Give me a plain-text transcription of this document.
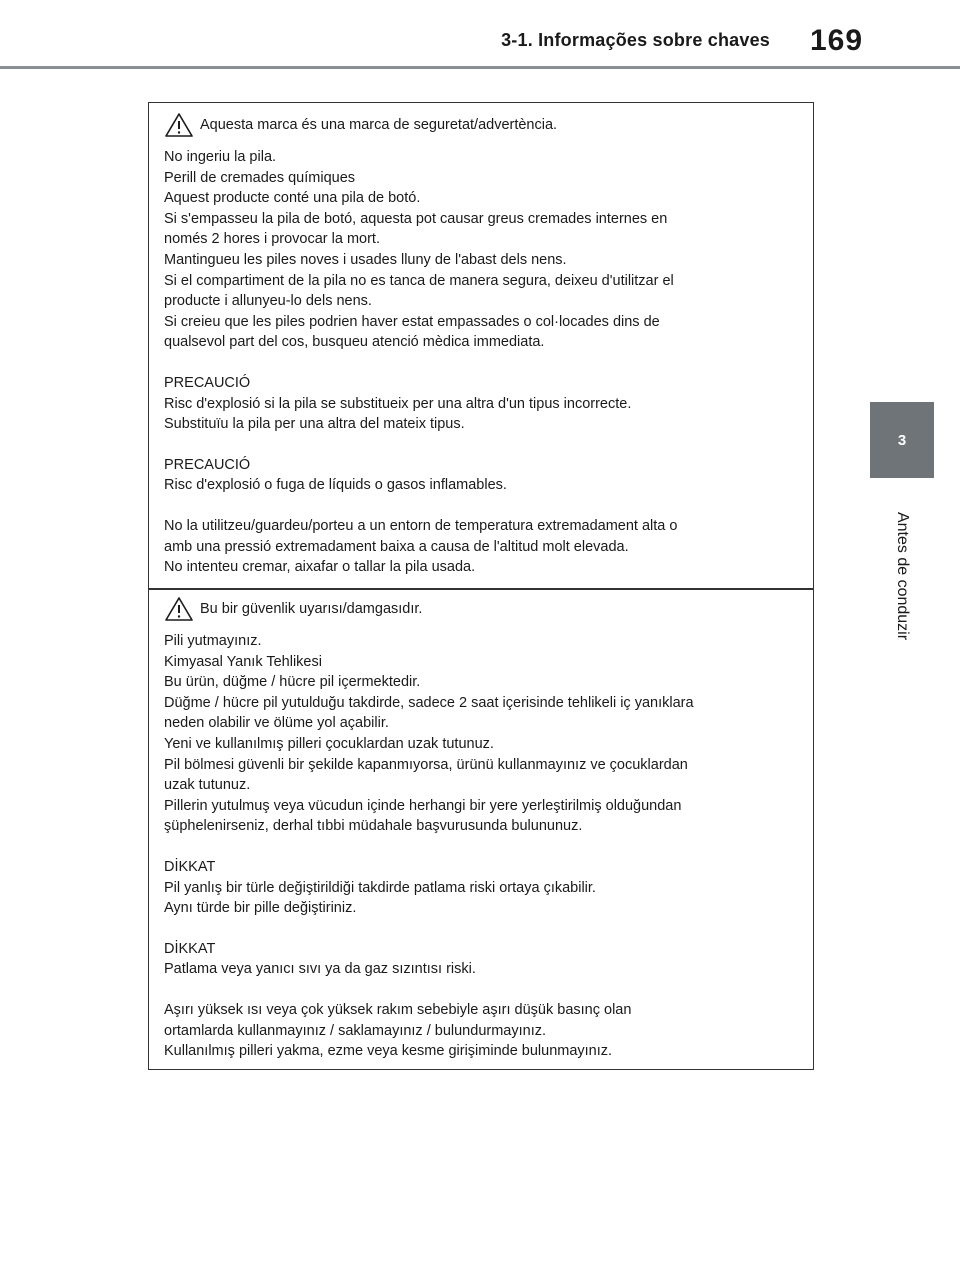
3-1. Informações sobre chaves 169
3
Antes de conduzir
Aquesta marca és una marca de seguretat/advertència.

No ingeriu la pila.

Perill de cremades químiques

Aquest producte conté una pila de botó.

Si s'empasseu la pila de botó, aquesta pot causar greus cremades internes en

només 2 hores i provocar la mort.

Mantingueu les piles noves i usades lluny de l'abast dels nens.

Si el compartiment de la pila no es tanca de manera segura, deixeu d'utilitzar el

producte i allunyeu-lo dels nens.

Si creieu que les piles podrien haver estat empassades o col·locades dins de

qualsevol part del cos, busqueu atenció mèdica immediata.

PRECAUCIÓ

Risc d'explosió si la pila se substitueix per una altra d'un tipus incorrecte.

Substituïu la pila per una altra del mateix tipus.

PRECAUCIÓ

Risc d'explosió o fuga de líquids o gasos inflamables.

No la utilitzeu/guardeu/porteu a un entorn de temperatura extremadament alta o

amb una pressió extremadament baixa a causa de l'altitud molt elevada.

No intenteu cremar, aixafar o tallar la pila usada.

Bu bir güvenlik uyarısı/damgasıdır.

Pili yutmayınız.

Kimyasal Yanık Tehlikesi

Bu ürün, düğme / hücre pil içermektedir.

Düğme / hücre pil yutulduğu takdirde, sadece 2 saat içerisinde tehlikeli iç yanıklara

neden olabilir ve ölüme yol açabilir.

Yeni ve kullanılmış pilleri çocuklardan uzak tutunuz.

Pil bölmesi güvenli bir şekilde kapanmıyorsa, ürünü kullanmayınız ve çocuklardan

uzak tutunuz.

Pillerin yutulmuş veya vücudun içinde herhangi bir yere yerleştirilmiş olduğundan

şüphelenirseniz, derhal tıbbi müdahale başvurusunda bulununuz.

DİKKAT

Pil yanlış bir türle değiştirildiği takdirde patlama riski ortaya çıkabilir.

Aynı türde bir pille değiştiriniz.

DİKKAT

Patlama veya yanıcı sıvı ya da gaz sızıntısı riski.

Aşırı yüksek ısı veya çok yüksek rakım sebebiyle aşırı düşük basınç olan

ortamlarda kullanmayınız / saklamayınız / bulundurmayınız.

Kullanılmış pilleri yakma, ezme veya kesme girişiminde bulunmayınız.
